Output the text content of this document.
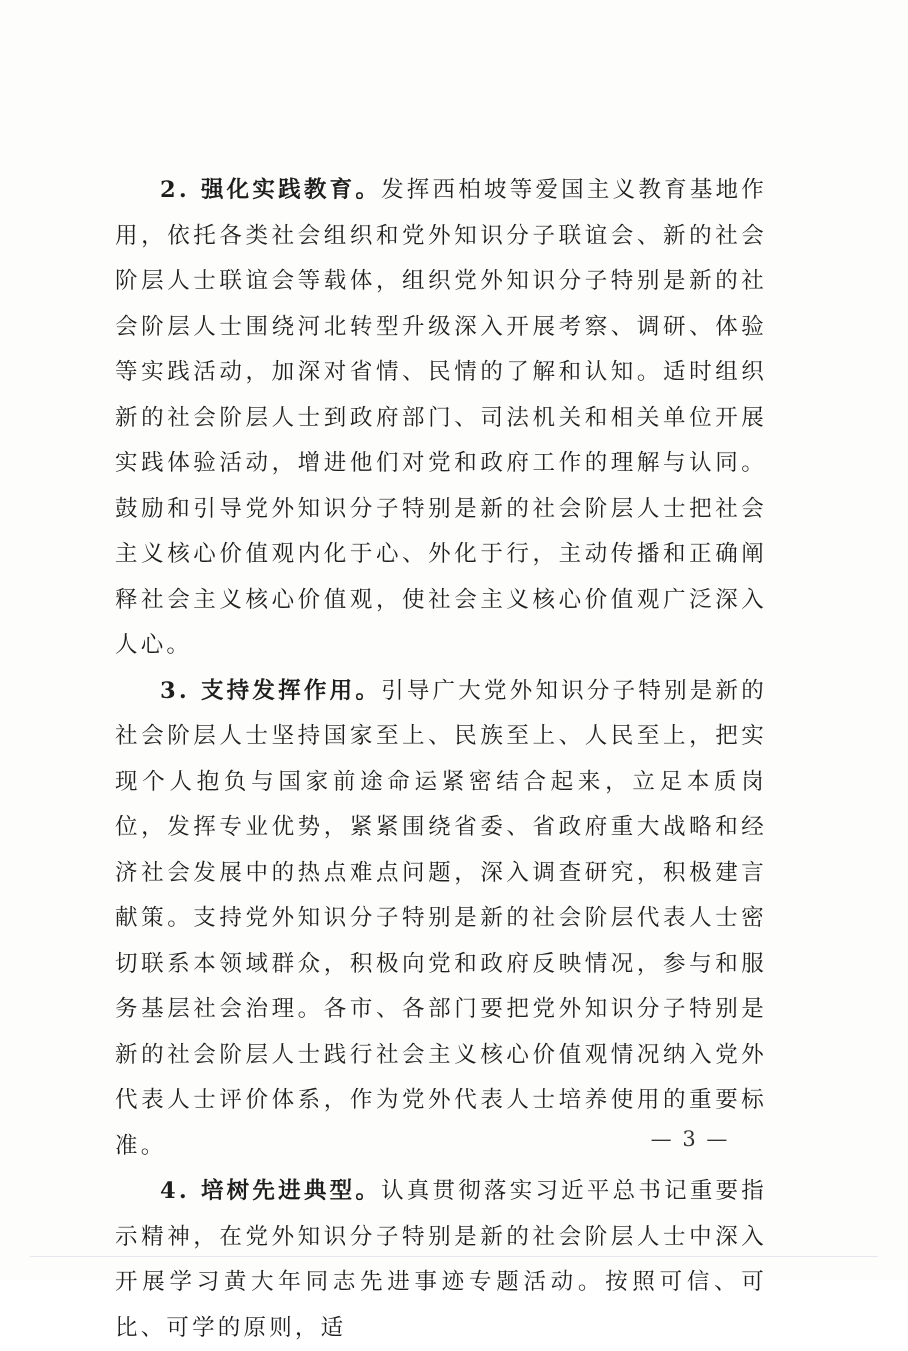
2. 强化实践教育。发挥西柏坡等爱国主义教育基地作用，依托各类社会组织和党外知识分子联谊会、新的社会阶层人士联谊会等载体，组织党外知识分子特别是新的社会阶层人士围绕河北转型升级深入开展考察、调研、体验等实践活动，加深对省情、民情的了解和认知。适时组织新的社会阶层人士到政府部门、司法机关和相关单位开展实践体验活动，增进他们对党和政府工作的理解与认同。鼓励和引导党外知识分子特别是新的社会阶层人士把社会主义核心价值观内化于心、外化于行，主动传播和正确阐释社会主义核心价值观，使社会主义核心价值观广泛深入人心。

3. 支持发挥作用。引导广大党外知识分子特别是新的社会阶层人士坚持国家至上、民族至上、人民至上，把实现个人抱负与国家前途命运紧密结合起来，立足本质岗位，发挥专业优势，紧紧围绕省委、省政府重大战略和经济社会发展中的热点难点问题，深入调查研究，积极建言献策。支持党外知识分子特别是新的社会阶层代表人士密切联系本领域群众，积极向党和政府反映情况，参与和服务基层社会治理。各市、各部门要把党外知识分子特别是新的社会阶层人士践行社会主义核心价值观情况纳入党外代表人士评价体系，作为党外代表人士培养使用的重要标准。

4. 培树先进典型。认真贯彻落实习近平总书记重要指示精神，在党外知识分子特别是新的社会阶层人士中深入开展学习黄大年同志先进事迹专题活动。按照可信、可比、可学的原则，适

— 3 —
